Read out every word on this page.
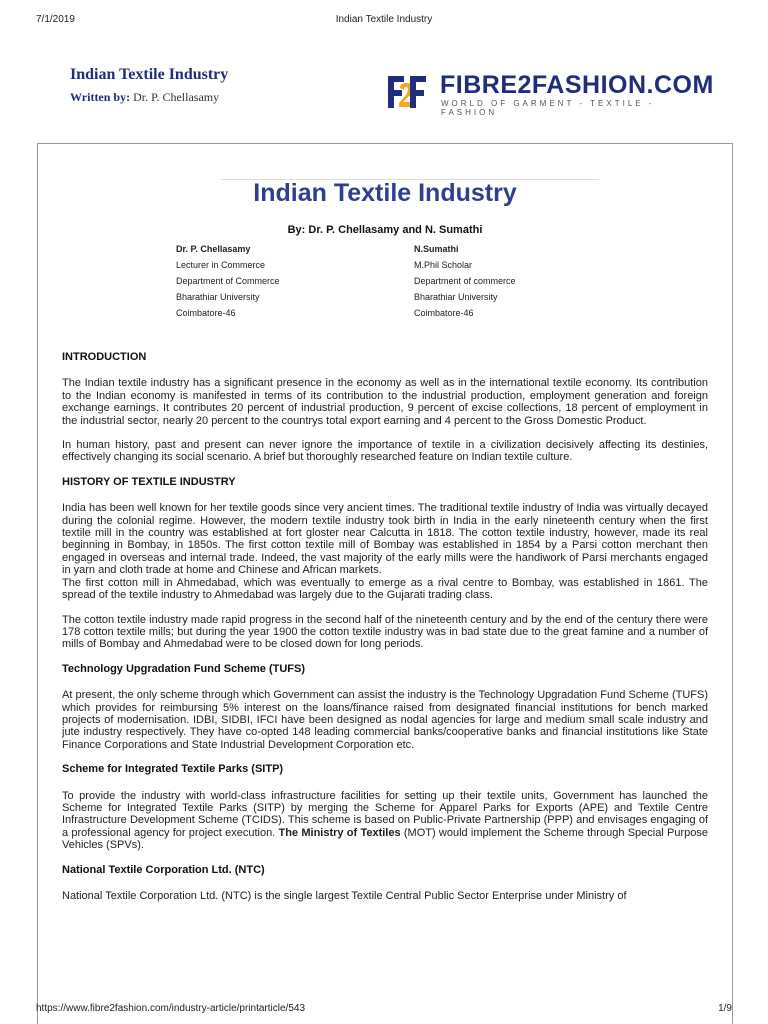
7/1/2019	Indian Textile Industry
Indian Textile Industry
Written by: Dr. P. Chellasamy	FIBRE2FASHION.COM
WORLD OF GARMENT - TEXTILE - FASHION
Indian Textile Industry
By: Dr. P. Chellasamy and N. Sumathi
Dr. P. Chellasamy
Lecturer in Commerce
Department of Commerce
Bharathiar University
Coimbatore-46
N.Sumathi
M.Phil Scholar
Department of commerce
Bharathiar University
Coimbatore-46
INTRODUCTION

The Indian textile industry has a significant presence in the economy as well as in the international textile economy. Its contribution to the Indian economy is manifested in terms of its contribution to the industrial production, employment generation and foreign exchange earnings. It contributes 20 percent of industrial production, 9 percent of excise collections, 18 percent of employment in the industrial sector, nearly 20 percent to the countrys total export earning and 4 percent to the Gross Domestic Product.

In human history, past and present can never ignore the importance of textile in a civilization decisively affecting its destinies, effectively changing its social scenario. A brief but thoroughly researched feature on Indian textile culture.

HISTORY OF TEXTILE INDUSTRY

India has been well known for her textile goods since very ancient times. The traditional textile industry of India was virtually decayed during the colonial regime. However, the modern textile industry took birth in India in the early nineteenth century when the first textile mill in the country was established at fort gloster near Calcutta in 1818. The cotton textile industry, however, made its real beginning in Bombay, in 1850s. The first cotton textile mill of Bombay was established in 1854 by a Parsi cotton merchant then engaged in overseas and internal trade. Indeed, the vast majority of the early mills were the handiwork of Parsi merchants engaged in yarn and cloth trade at home and Chinese and African markets.

The first cotton mill in Ahmedabad, which was eventually to emerge as a rival centre to Bombay, was established in 1861. The spread of the textile industry to Ahmedabad was largely due to the Gujarati trading class.

The cotton textile industry made rapid progress in the second half of the nineteenth century and by the end of the century there were 178 cotton textile mills; but during the year 1900 the cotton textile industry was in bad state due to the great famine and a number of mills of Bombay and Ahmedabad were to be closed down for long periods.

Technology Upgradation Fund Scheme (TUFS)

At present, the only scheme through which Government can assist the industry is the Technology Upgradation Fund Scheme (TUFS) which provides for reimbursing 5% interest on the loans/finance raised from designated financial institutions for bench marked projects of modernisation. IDBI, SIDBI, IFCI have been designed as nodal agencies for large and medium small scale industry and jute industry respectively. They have co-opted 148 leading commercial banks/cooperative banks and financial institutions like State Finance Corporations and State Industrial Development Corporation etc.

Scheme for Integrated Textile Parks (SITP)

To provide the industry with world-class infrastructure facilities for setting up their textile units, Government has launched the Scheme for Integrated Textile Parks (SITP) by merging the Scheme for Apparel Parks for Exports (APE) and Textile Centre Infrastructure Development Scheme (TCIDS). This scheme is based on Public-Private Partnership (PPP) and envisages engaging of a professional agency for project execution. The Ministry of Textiles (MOT) would implement the Scheme through Special Purpose Vehicles (SPVs).

National Textile Corporation Ltd. (NTC)

National Textile Corporation Ltd. (NTC) is the single largest Textile Central Public Sector Enterprise under Ministry of

https://www.fibre2fashion.com/industry-article/printarticle/543	1/9
